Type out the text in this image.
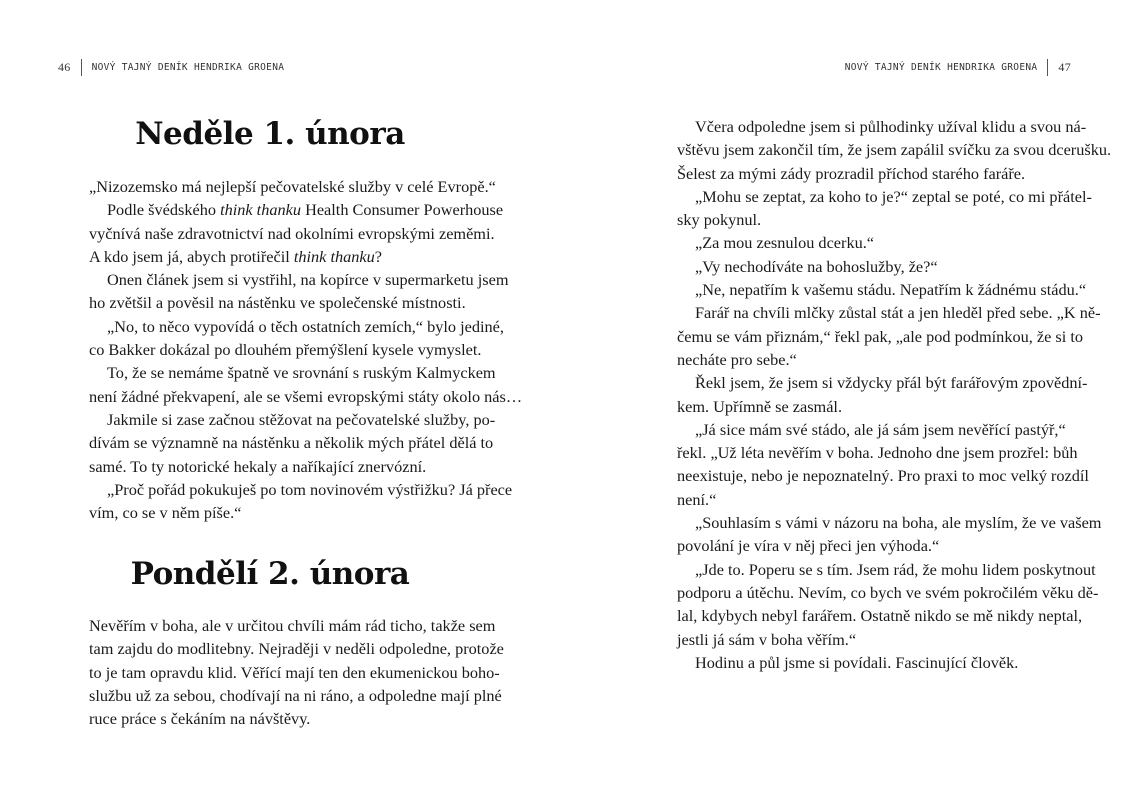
46 NOVÝ TAJNÝ DENÍK HENDRIKA GROENA	NOVÝ TAJNÝ DENÍK HENDRIKA GROENA 47
Neděle 1. února
„Nizozemsko má nejlepší pečovatelské služby v celé Evropě.“
Podle švédského think thanku Health Consumer Powerhouse
vyčnívá naše zdravotnictví nad okolními evropskými zeměmi.
A kdo jsem já, abych protiřečil think thanku?
Onen článek jsem si vystřihl, na kopírce v supermarketu jsem
ho zvětšil a pověsil na nástěnku ve společenské místnosti.
„No, to něco vypovídá o těch ostatních zemích,“ bylo jediné,
co Bakker dokázal po dlouhém přemýšlení kysele vymyslet.
To, že se nemáme špatně ve srovnání s ruským Kalmyckem
není žádné překvapení, ale se všemi evropskými státy okolo nás…
Jakmile si zase začnou stěžovat na pečovatelské služby, po-
dívám se významně na nástěnku a několik mých přátel dělá to
samé. To ty notorické hekaly a naříkající znervózní.
„Proč pořád pokukuješ po tom novinovém výstřižku? Já přece
vím, co se v něm píše.“
Pondělí 2. února
Nevěřím v boha, ale v určitou chvíli mám rád ticho, takže sem
tam zajdu do modlitebny. Nejraději v neděli odpoledne, protože
to je tam opravdu klid. Věřící mají ten den ekumenickou boho-
službu už za sebou, chodívají na ni ráno, a odpoledne mají plné
ruce práce s čekáním na návštěvy.
Včera odpoledne jsem si půlhodinky užíval klidu a svou ná-
vštěvu jsem zakončil tím, že jsem zapálil svíčku za svou dcerušku.
Šelest za mými zády prozradil příchod starého faráře.
„Mohu se zeptat, za koho to je?“ zeptal se poté, co mi přátel-
sky pokynul.
„Za mou zesnulou dcerku.“
„Vy nechodíváte na bohoslužby, že?“
„Ne, nepatřím k vašemu stádu. Nepatřím k žádnému stádu.“
Farář na chvíli mlčky zůstal stát a jen hleděl před sebe. „K ně-
čemu se vám přiznám,“ řekl pak, „ale pod podmínkou, že si to
necháte pro sebe.“
Řekl jsem, že jsem si vždycky přál být farářovým zpovědní-
kem. Upřímně se zasmál.
„Já sice mám své stádo, ale já sám jsem nevěřící pastýř,“
řekl. „Už léta nevěřím v boha. Jednoho dne jsem prozřel: bůh
neexistuje, nebo je nepoznatelný. Pro praxi to moc velký rozdíl
není.“
„Souhlasím s vámi v názoru na boha, ale myslím, že ve vašem
povolání je víra v něj přeci jen výhoda.“
„Jde to. Poperu se s tím. Jsem rád, že mohu lidem poskytnout
podporu a útěchu. Nevím, co bych ve svém pokročilém věku dě-
lal, kdybych nebyl farářem. Ostatně nikdo se mě nikdy neptal,
jestli já sám v boha věřím.“
Hodinu a půl jsme si povídali. Fascinující člověk.
